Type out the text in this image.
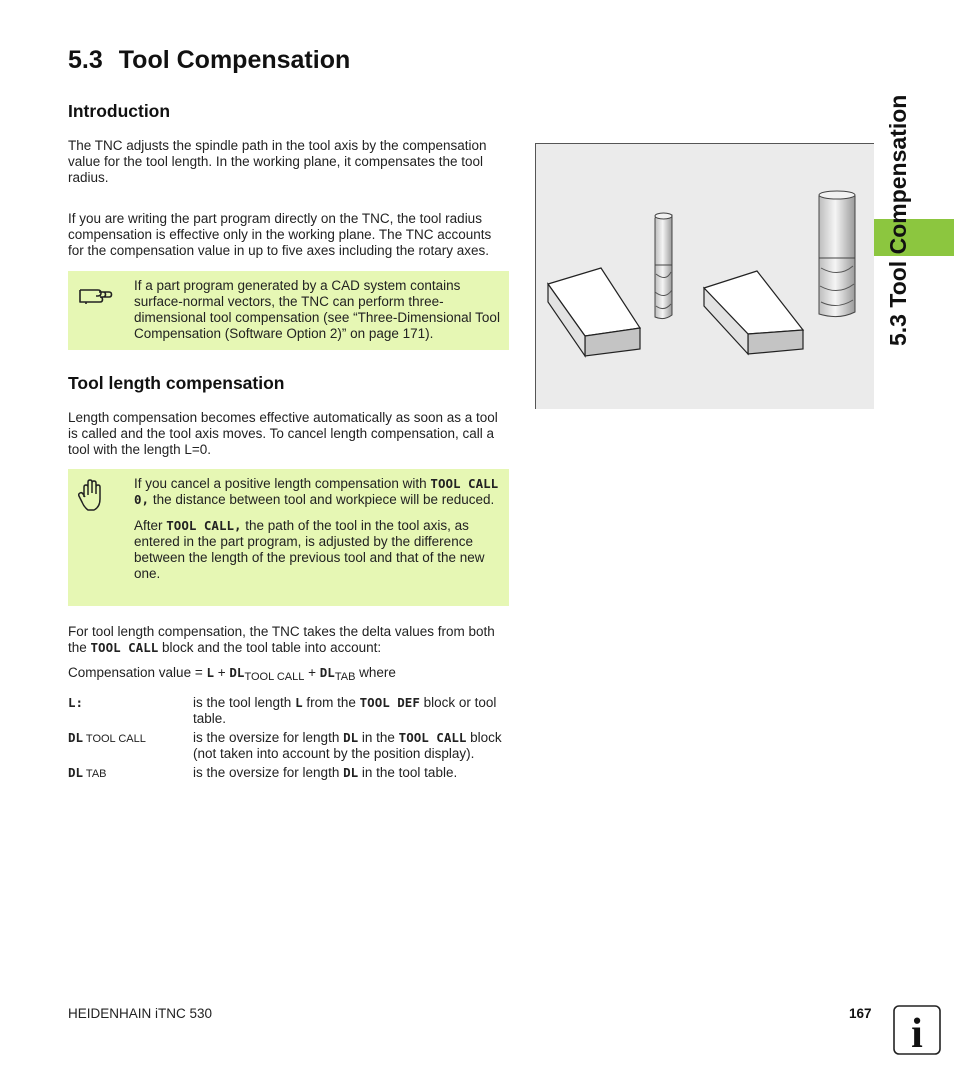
5.3 Tool Compensation
Introduction
The TNC adjusts the spindle path in the tool axis by the compensation value for the tool length. In the working plane, it compensates the tool radius.
If you are writing the part program directly on the TNC, the tool radius compensation is effective only in the working plane. The TNC accounts for the compensation value in up to five axes including the rotary axes.
If a part program generated by a CAD system contains surface-normal vectors, the TNC can perform three-dimensional tool compensation (see “Three-Dimensional Tool Compensation (Software Option 2)” on page 171).
Tool length compensation
Length compensation becomes effective automatically as soon as a tool is called and the tool axis moves. To cancel length compensation, call a tool with the length L=0.

If you cancel a positive length compensation with TOOL CALL 0, the distance between tool and workpiece will be reduced.

After TOOL CALL, the path of the tool in the tool axis, as entered in the part program, is adjusted by the difference between the length of the previous tool and that of the new one.

For tool length compensation, the TNC takes the delta values from both the TOOL CALL block and the tool table into account:
Compensation value = $L + DL_{TOOL CALL} + DL_{TAB}$ where
L:	is the tool length L from the TOOL DEF block or tool table.
DL TOOL CALL	is the oversize for length DL in the TOOL CALL block (not taken into account by the position display).
DL TAB	is the oversize for length DL in the tool table.
5.3 Tool Compensation
HEIDENHAIN iTNC 530	167 i
